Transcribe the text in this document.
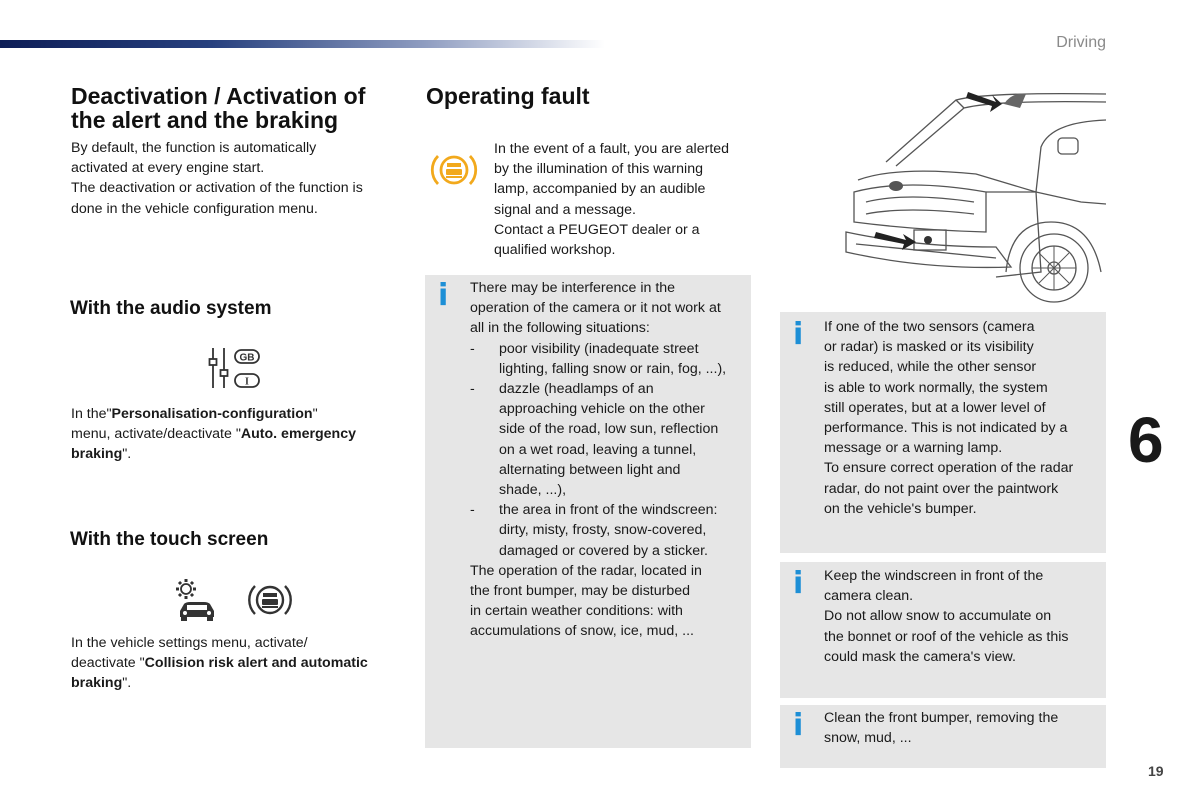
Driving
6
19
Deactivation / Activation of
the alert and the braking

By default, the function is automatically
activated at every engine start.
The deactivation or activation of the function is
done in the vehicle configuration menu.

With the audio system
GB
I

In the"Personalisation-configuration"
menu, activate/deactivate "Auto. emergency
braking".

With the touch screen

In the vehicle settings menu, activate/
deactivate "Collision risk alert and automatic
braking".

Operating fault

In the event of a fault, you are alerted
by the illumination of this warning
lamp, accompanied by an audible
signal and a message.
Contact a PEUGEOT dealer or a
qualified workshop.

i There may be interference in the
operation of the camera or it not work at
all in the following situations:
- poor visibility (inadequate street
lighting, falling snow or rain, fog, ...),
- dazzle (headlamps of an
approaching vehicle on the other
side of the road, low sun, reflection
on a wet road, leaving a tunnel,
alternating between light and
shade, ...),
- the area in front of the windscreen:
dirty, misty, frosty, snow-covered,
damaged or covered by a sticker.
The operation of the radar, located in
the front bumper, may be disturbed
in certain weather conditions: with
accumulations of snow, ice, mud, ...
i If one of the two sensors (camera
or radar) is masked or its visibility
is reduced, while the other sensor
is able to work normally, the system
still operates, but at a lower level of
performance. This is not indicated by a
message or a warning lamp.
To ensure correct operation of the radar
radar, do not paint over the paintwork
on the vehicle's bumper.
i Keep the windscreen in front of the
camera clean.
Do not allow snow to accumulate on
the bonnet or roof of the vehicle as this
could mask the camera's view.
i Clean the front bumper, removing the
snow, mud, ...
